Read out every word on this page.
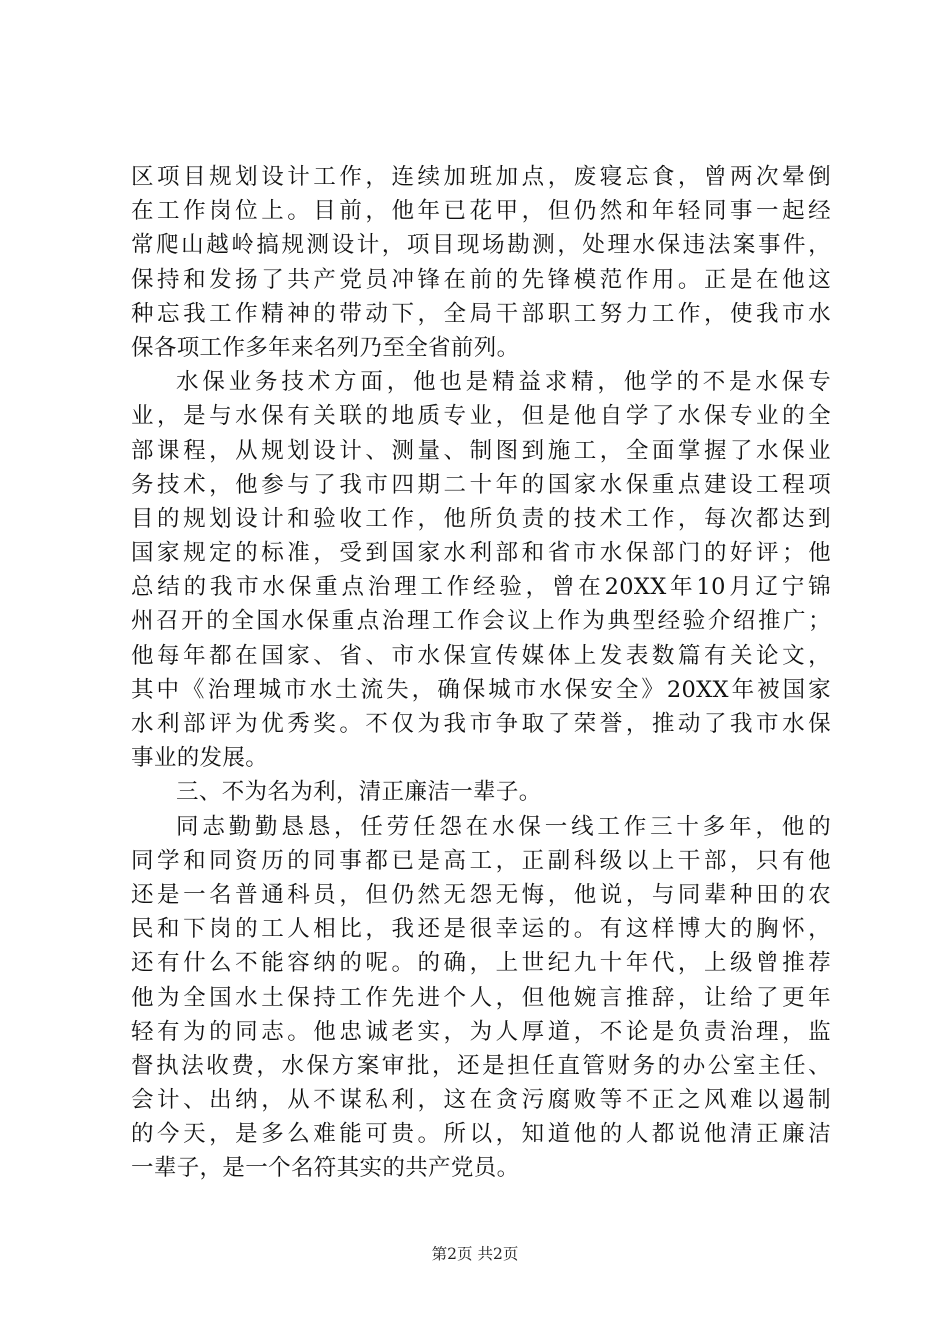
区项目规划设计工作，连续加班加点，废寝忘食，曾两次晕倒
在工作岗位上。目前，他年已花甲，但仍然和年轻同事一起经
常爬山越岭搞规测设计，项目现场勘测，处理水保违法案事件，
保持和发扬了共产党员冲锋在前的先锋模范作用。正是在他这
种忘我工作精神的带动下，全局干部职工努力工作，使我市水
保各项工作多年来名列乃至全省前列。
水保业务技术方面，他也是精益求精，他学的不是水保专
业，是与水保有关联的地质专业，但是他自学了水保专业的全
部课程，从规划设计、测量、制图到施工，全面掌握了水保业
务技术，他参与了我市四期二十年的国家水保重点建设工程项
目的规划设计和验收工作，他所负责的技术工作，每次都达到
国家规定的标准，受到国家水利部和省市水保部门的好评；他
总结的我市水保重点治理工作经验，曾在20XX年10月辽宁锦
州召开的全国水保重点治理工作会议上作为典型经验介绍推广；
他每年都在国家、省、市水保宣传媒体上发表数篇有关论文，
其中《治理城市水土流失，确保城市水保安全》20XX年被国家
水利部评为优秀奖。不仅为我市争取了荣誉，推动了我市水保
事业的发展。
三、不为名为利，清正廉洁一辈子。
同志勤勤恳恳，任劳任怨在水保一线工作三十多年，他的
同学和同资历的同事都已是高工，正副科级以上干部，只有他
还是一名普通科员，但仍然无怨无悔，他说，与同辈种田的农
民和下岗的工人相比，我还是很幸运的。有这样博大的胸怀，
还有什么不能容纳的呢。的确，上世纪九十年代，上级曾推荐
他为全国水土保持工作先进个人，但他婉言推辞，让给了更年
轻有为的同志。他忠诚老实，为人厚道，不论是负责治理，监
督执法收费，水保方案审批，还是担任直管财务的办公室主任、
会计、出纳，从不谋私利，这在贪污腐败等不正之风难以遏制
的今天，是多么难能可贵。所以，知道他的人都说他清正廉洁
一辈子，是一个名符其实的共产党员。
第2页 共2页
